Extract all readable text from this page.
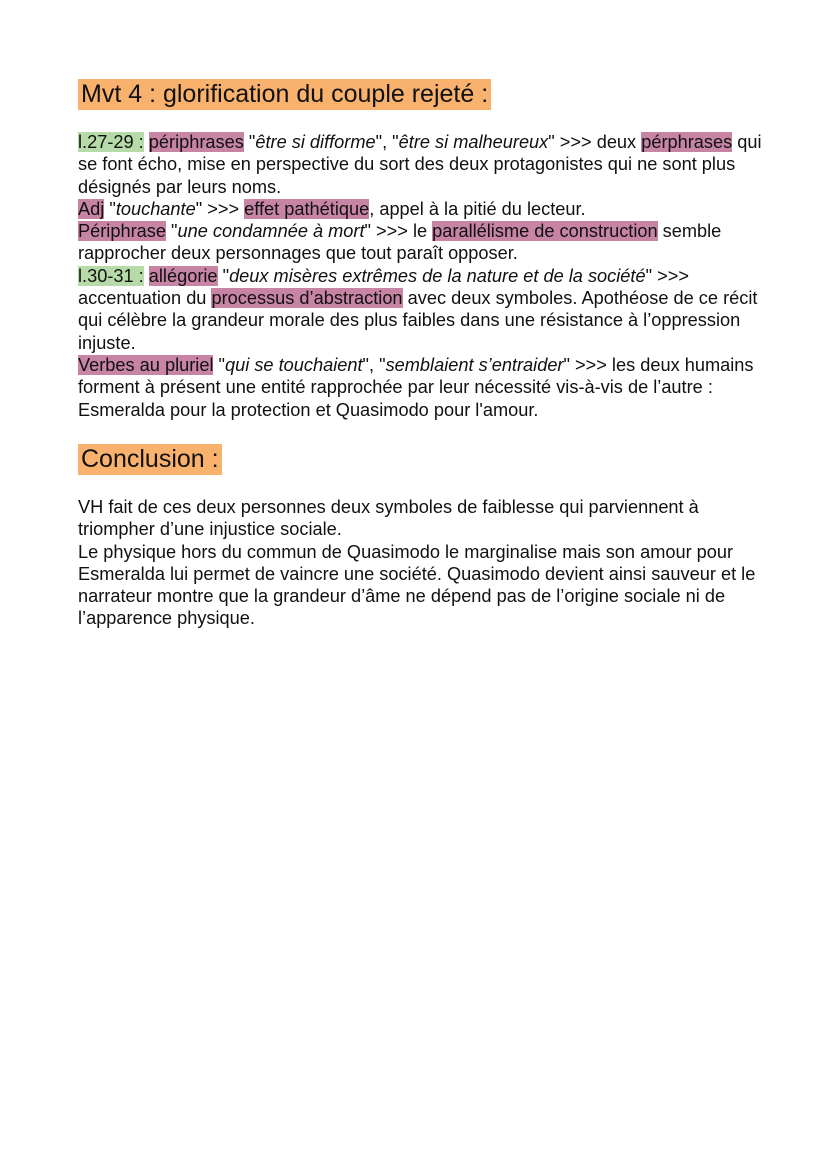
Mvt 4 : glorification du couple rejeté :

l.27-29 : périphrases "être si difforme", "être si malheureux" >>> deux pérphrases qui se font écho, mise en perspective du sort des deux protagonistes qui ne sont plus désignés par leurs noms.

Adj "touchante" >>> effet pathétique, appel à la pitié du lecteur.

Périphrase "une condamnée à mort" >>> le parallélisme de construction semble rapprocher deux personnages que tout paraît opposer.

l.30-31 : allégorie "deux misères extrêmes de la nature et de la société" >>> accentuation du processus d’abstraction avec deux symboles. Apothéose de ce récit qui célèbre la grandeur morale des plus faibles dans une résistance à l’oppression injuste.

Verbes au pluriel "qui se touchaient", "semblaient s’entraider" >>> les deux humains forment à présent une entité rapprochée par leur nécessité vis-à-vis de l’autre : Esmeralda pour la protection et Quasimodo pour l'amour.

Conclusion :

VH fait de ces deux personnes deux symboles de faiblesse qui parviennent à triompher d’une injustice sociale.

Le physique hors du commun de Quasimodo le marginalise mais son amour pour Esmeralda lui permet de vaincre une société. Quasimodo devient ainsi sauveur et le narrateur montre que la grandeur d’âme ne dépend pas de l’origine sociale ni de l’apparence physique.
